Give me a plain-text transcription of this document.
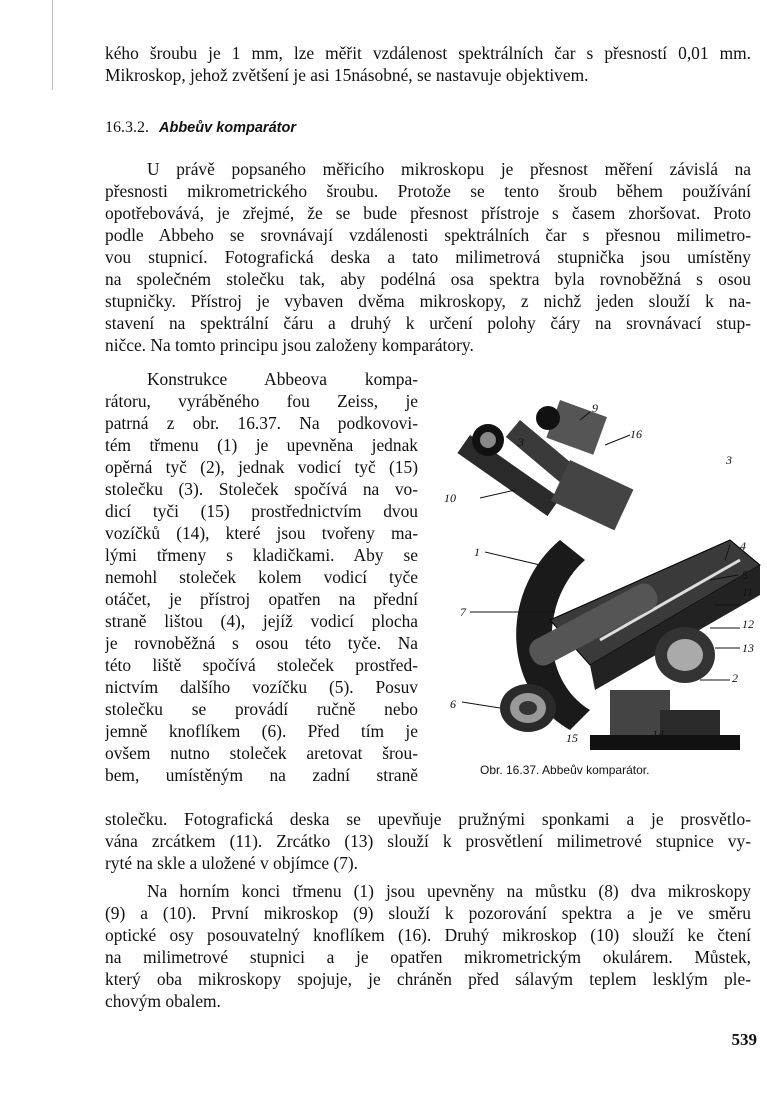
kého šroubu je 1 mm, lze měřit vzdálenost spektrálních čar s přesností 0,01 mm.
Mikroskop, jehož zvětšení je asi 15násobné, se nastavuje objektivem.
16.3.2. Abbeův komparátor
U právě popsaného měřicího mikroskopu je přesnost měření závislá na
přesnosti mikrometrického šroubu. Protože se tento šroub během používání
opotřebovává, je zřejmé, že se bude přesnost přístroje s časem zhoršovat. Proto
podle Abbeho se srovnávají vzdálenosti spektrálních čar s přesnou milimetro-
vou stupnicí. Fotografická deska a tato milimetrová stupnička jsou umístěny
na společném stolečku tak, aby podélná osa spektra byla rovnoběžná s osou
stupničky. Přístroj je vybaven dvěma mikroskopy, z nichž jeden slouží k na-
stavení na spektrální čáru a druhý k určení polohy čáry na srovnávací stup-
ničce. Na tomto principu jsou založeny komparátory.
Konstrukce Abbeova kompa-
rátoru, vyráběného fou Zeiss, je
patrná z obr. 16.37. Na podkovovi-
tém třmenu (1) je upevněna jednak
opěrná tyč (2), jednak vodicí tyč (15)
stolečku (3). Stoleček spočívá na vo-
dicí tyči (15) prostřednictvím dvou
vozíčků (14), které jsou tvořeny ma-
lými třmeny s kladičkami. Aby se
nemohl stoleček kolem vodicí tyče
otáčet, je přístroj opatřen na přední
straně lištou (4), jejíž vodicí plocha
je rovnoběžná s osou této tyče. Na
této liště spočívá stoleček prostřed-
nictvím dalšího vozíčku (5). Posuv
stolečku se provádí ručně nebo
jemně knoflíkem (6). Před tím je
ovšem nutno stoleček aretovat šrou-
bem, umístěným na zadní straně
stolečku. Fotografická deska se upevňuje pružnými sponkami a je prosvětlo-
vána zrcátkem (11). Zrcátko (13) slouží k prosvětlení milimetrové stupnice vy-
ryté na skle a uložené v objímce (7).
Na horním konci třmenu (1) jsou upevněny na můstku (8) dva mikroskopy
(9) a (10). První mikroskop (9) slouží k pozorování spektra a je ve směru
optické osy posouvatelný knoflíkem (16). Druhý mikroskop (10) slouží ke čtení
na milimetrové stupnici a je opatřen mikrometrickým okulárem. Můstek,
který oba mikroskopy spojuje, je chráněn před sálavým teplem lesklým ple-
chovým obalem.
9
16
3
3
10
1	4
5
11
7
12
13
2
6
15	14
Obr. 16.37. Abbeův komparátor.
539
